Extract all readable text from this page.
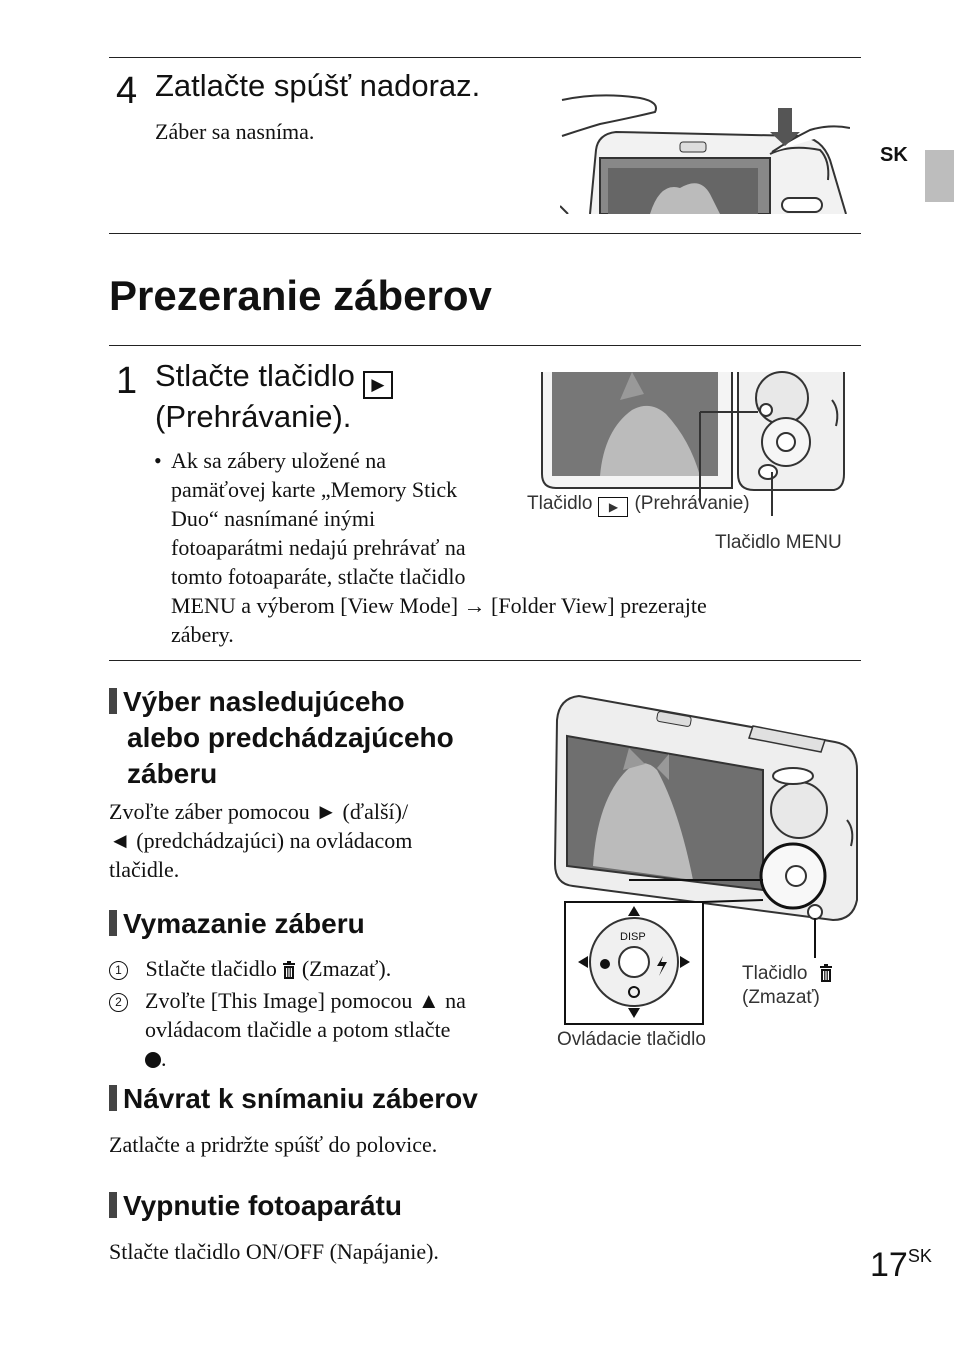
SK
4 Zatlačte spúšť nadoraz.
Záber sa nasníma.
Prezeranie záberov
1 Stlačte tlačidlo ▶
(Prehrávanie).
• Ak sa zábery uložené na
pamäťovej karte „Memory Stick
Duo“ nasnímané inými
fotoaparátmi nedajú prehrávať na
tomto fotoaparáte, stlačte tlačidlo
MENU a výberom [View Mode] → [Folder View] prezerajte
zábery.
Tlačidlo ▶ (Prehrávanie)
Tlačidlo MENU
Výber nasledujúceho
alebo predchádzajúceho
záberu
Zvoľte záber pomocou ► (ďalší)/
◄ (predchádzajúci) na ovládacom
tlačidle.
Vymazanie záberu
1 Stlačte tlačidlo (Zmazať).
2 Zvoľte [This Image] pomocou ▲ na
ovládacom tlačidle a potom stlačte
.
Návrat k snímaniu záberov
Zatlačte a pridržte spúšť do polovice.
Vypnutie fotoaparátu
Stlačte tlačidlo ON/OFF (Napájanie).
DISP
Ovládacie tlačidlo
Tlačidlo
(Zmazať)
$17^{SK}$
